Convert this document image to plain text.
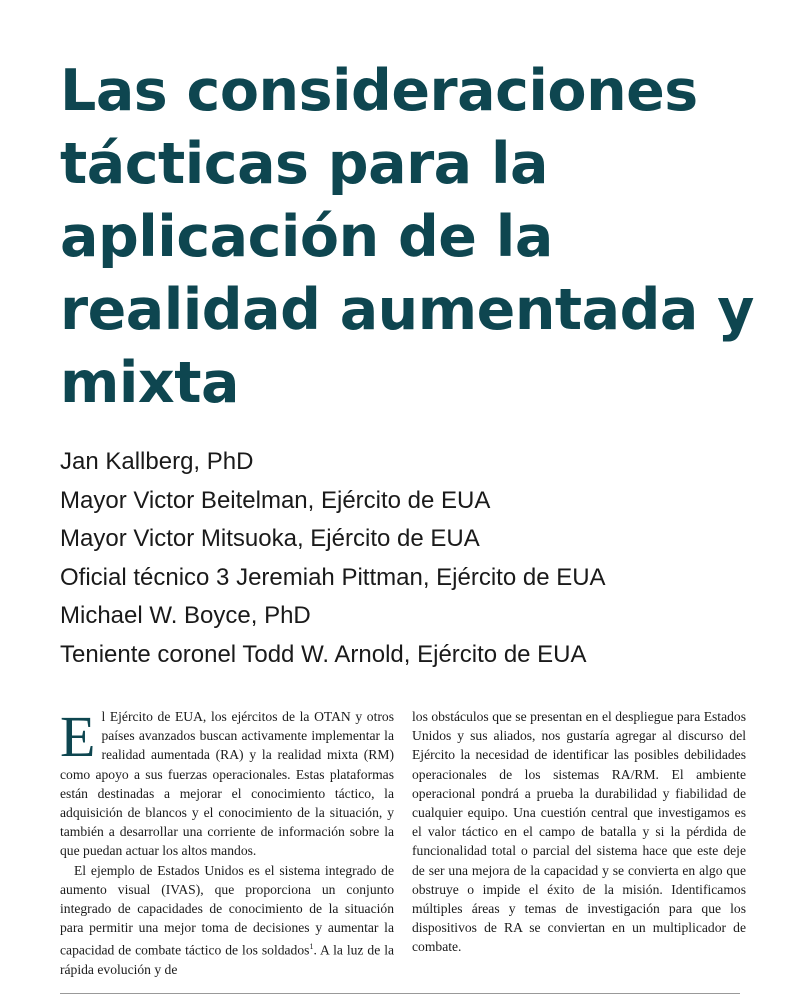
Las consideraciones
tácticas para la
aplicación de la
realidad aumentada y
mixta
Jan Kallberg, PhD
Mayor Victor Beitelman, Ejército de EUA
Mayor Victor Mitsuoka, Ejército de EUA
Oficial técnico 3 Jeremiah Pittman, Ejército de EUA
Michael W. Boyce, PhD
Teniente coronel Todd W. Arnold, Ejército de EUA

El Ejército de EUA, los ejércitos de la OTAN y otros países avanzados buscan activamente implementar la realidad aumentada (RA) y la realidad mixta (RM) como apoyo a sus fuerzas operacionales. Estas plataformas están destinadas a mejorar el conocimiento táctico, la adquisición de blancos y el conocimiento de la situación, y también a desarrollar una corriente de información sobre la que puedan actuar los altos mandos.

El ejemplo de Estados Unidos es el sistema integrado de aumento visual (IVAS), que proporciona un conjunto integrado de capacidades de conocimiento de la situación para permitir una mejor toma de decisiones y aumentar la capacidad de combate táctico de los soldados$^1$. A la luz de la rápida evolución y de

los obstáculos que se presentan en el despliegue para Estados Unidos y sus aliados, nos gustaría agregar al discurso del Ejército la necesidad de identificar las posibles debilidades operacionales de los sistemas RA/RM. El ambiente operacional pondrá a prueba la durabilidad y fiabilidad de cualquier equipo. Una cuestión central que investigamos es el valor táctico en el campo de batalla y si la pérdida de funcionalidad total o parcial del sistema hace que este deje de ser una mejora de la capacidad y se convierta en algo que obstruye o impide el éxito de la misión. Identificamos múltiples áreas y temas de investigación para que los dispositivos de RA se conviertan en un multiplicador de combate.
